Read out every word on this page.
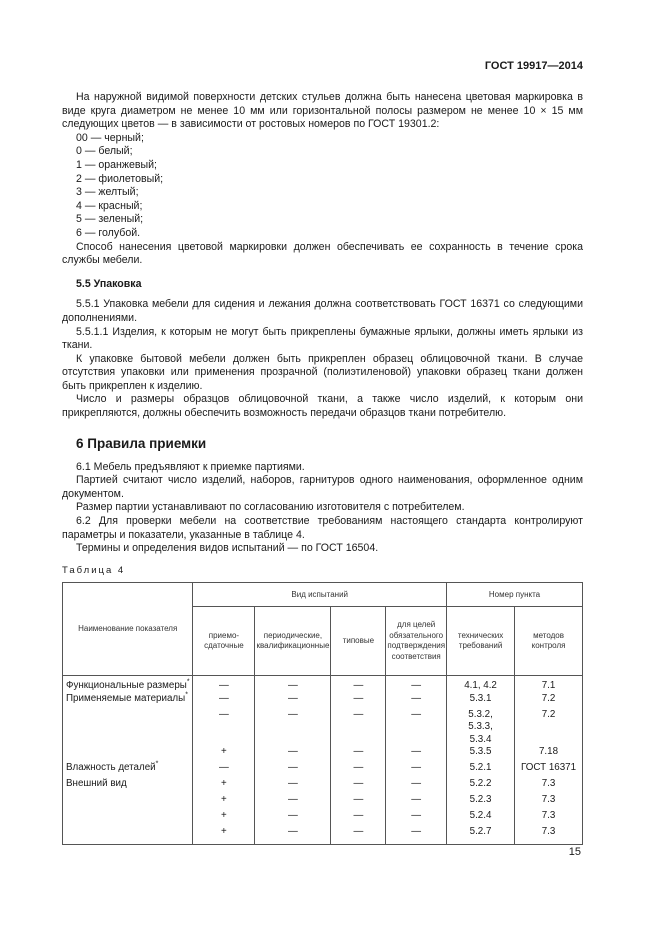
ГОСТ 19917—2014

На наружной видимой поверхности детских стульев должна быть нанесена цветовая маркировка в виде круга диаметром не менее 10 мм или горизонтальной полосы размером не менее 10 × 15 мм следующих цветов — в зависимости от ростовых номеров по ГОСТ 19301.2:

00 — черный;

0 — белый;

1 — оранжевый;

2 — фиолетовый;

3 — желтый;

4 — красный;

5 — зеленый;

6 — голубой.

Способ нанесения цветовой маркировки должен обеспечивать ее сохранность в течение срока службы мебели.

5.5 Упаковка

5.5.1 Упаковка мебели для сидения и лежания должна соответствовать ГОСТ 16371 со следующими дополнениями.

5.5.1.1 Изделия, к которым не могут быть прикреплены бумажные ярлыки, должны иметь ярлыки из ткани.

К упаковке бытовой мебели должен быть прикреплен образец облицовочной ткани. В случае отсутствия упаковки или применения прозрачной (полиэтиленовой) упаковки образец ткани должен быть прикреплен к изделию.

Число и размеры образцов облицовочной ткани, а также число изделий, к которым они прикрепляются, должны обеспечить возможность передачи образцов ткани потребителю.

6 Правила приемки

6.1 Мебель предъявляют к приемке партиями.

Партией считают число изделий, наборов, гарнитуров одного наименования, оформленное одним документом.

Размер партии устанавливают по согласованию изготовителя с потребителем.

6.2 Для проверки мебели на соответствие требованиям настоящего стандарта контролируют параметры и показатели, указанные в таблице 4.

Термины и определения видов испытаний — по ГОСТ 16504.

Таблица 4

Наименование показателя	Вид испытаний				Номер пункта	
	приемо-сдаточные	периодические, квалификационные	типовые	для целей обязательного подтверждения соответствия	технических требований	методов контроля
Функциональные размеры*	—	—	—	—	4.1, 4.2	7.1
Применяемые материалы*	—	—	—	—	5.3.1	7.2
	—	—	—	—	5.3.2, 5.3.3, 5.3.4	7.2
	+	—	—	—	5.3.5	7.18
Влажность деталей*	—	—	—	—	5.2.1	ГОСТ 16371
Внешний вид	+	—	—	—	5.2.2	7.3
	+	—	—	—	5.2.3	7.3
	+	—	—	—	5.2.4	7.3
	+	—	—	—	5.2.7	7.3
15
